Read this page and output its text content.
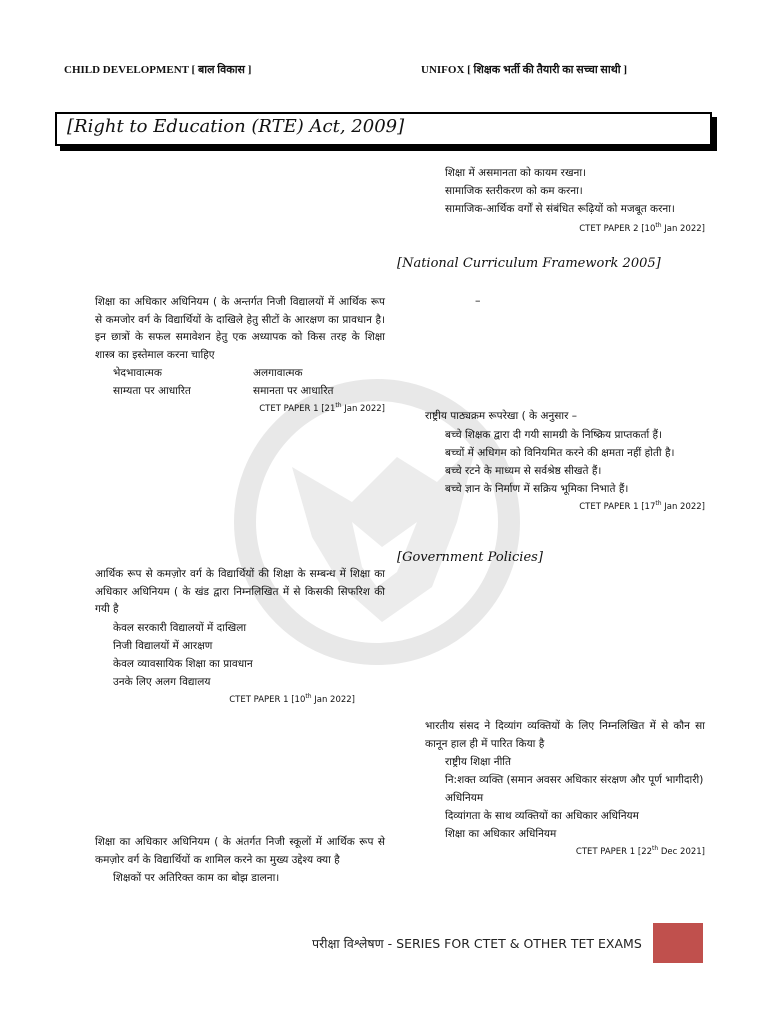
CHILD DEVELOPMENT [ बाल विकास ]	UNIFOX [ शिक्षक भर्ती की तैयारी का सच्चा साथी ]
[Right to Education (RTE) Act, 2009]
शिक्षा में असमानता को कायम रखना।
सामाजिक स्तरीकरण को कम करना।
सामाजिक-आर्थिक वर्गों से संबंधित रूढ़ियों को मजबूत करना।
CTET PAPER 2 [10th Jan 2022]
[National Curriculum Framework 2005]
–
शिक्षा का अधिकार अधिनियम ( के अन्तर्गत निजी विद्यालयों में आर्थिक रूप से कमजोर वर्ग के विद्यार्थियों के दाखिले हेतु सीटों के आरक्षण का प्रावधान है। इन छात्रों के सफल समावेशन हेतु एक अध्यापक को किस तरह के शिक्षा शास्त्र का इस्तेमाल करना चाहिए
भेदभावात्मक	अलगावात्मक
साम्यता पर आधारित	समानता पर आधारित
CTET PAPER 1 [21th Jan 2022]
राष्ट्रीय पाठ्यक्रम रूपरेखा ( के अनुसार –
बच्चे शिक्षक द्वारा दी गयी सामग्री के निष्क्रिय प्राप्तकर्ता हैं।
बच्चों में अधिगम को विनियमित करने की क्षमता नहीं होती है।
बच्चे रटने के माध्यम से सर्वश्रेष्ठ सीखते हैं।
बच्चे ज्ञान के निर्माण में सक्रिय भूमिका निभाते हैं।
CTET PAPER 1 [17th Jan 2022]
[Government Policies]
आर्थिक रूप से कमज़ोर वर्ग के विद्यार्थियों की शिक्षा के सम्बन्ध में शिक्षा का अधिकार अधिनियम ( के खंड द्वारा निम्नलिखित में से किसकी सिफरिश की गयी है
केवल सरकारी विद्यालयों में दाखिला
निजी विद्यालयों में आरक्षण
केवल व्यावसायिक शिक्षा का प्रावधान
उनके लिए अलग विद्यालय
CTET PAPER 1 [10th Jan 2022]
भारतीय संसद ने दिव्यांग व्यक्तियों के लिए निम्नलिखित में से कौन सा कानून हाल ही में पारित किया है
राष्ट्रीय शिक्षा नीति
नि:शक्त व्यक्ति (समान अवसर अधिकार संरक्षण और पूर्ण भागीदारी) अधिनियम
दिव्यांगता के साथ व्यक्तियों का अधिकार अधिनियम
शिक्षा का अधिकार अधिनियम
CTET PAPER 1 [22th Dec 2021]
शिक्षा का अधिकार अधिनियम ( के अंतर्गत निजी स्कूलों में आर्थिक रूप से कमज़ोर वर्ग के विद्यार्थियों क शामिल करने का मुख्य उद्देश्य क्या है
शिक्षकों पर अतिरिक्त काम का बोझ डालना।
परीक्षा विश्लेषण - SERIES FOR CTET & OTHER TET EXAMS
